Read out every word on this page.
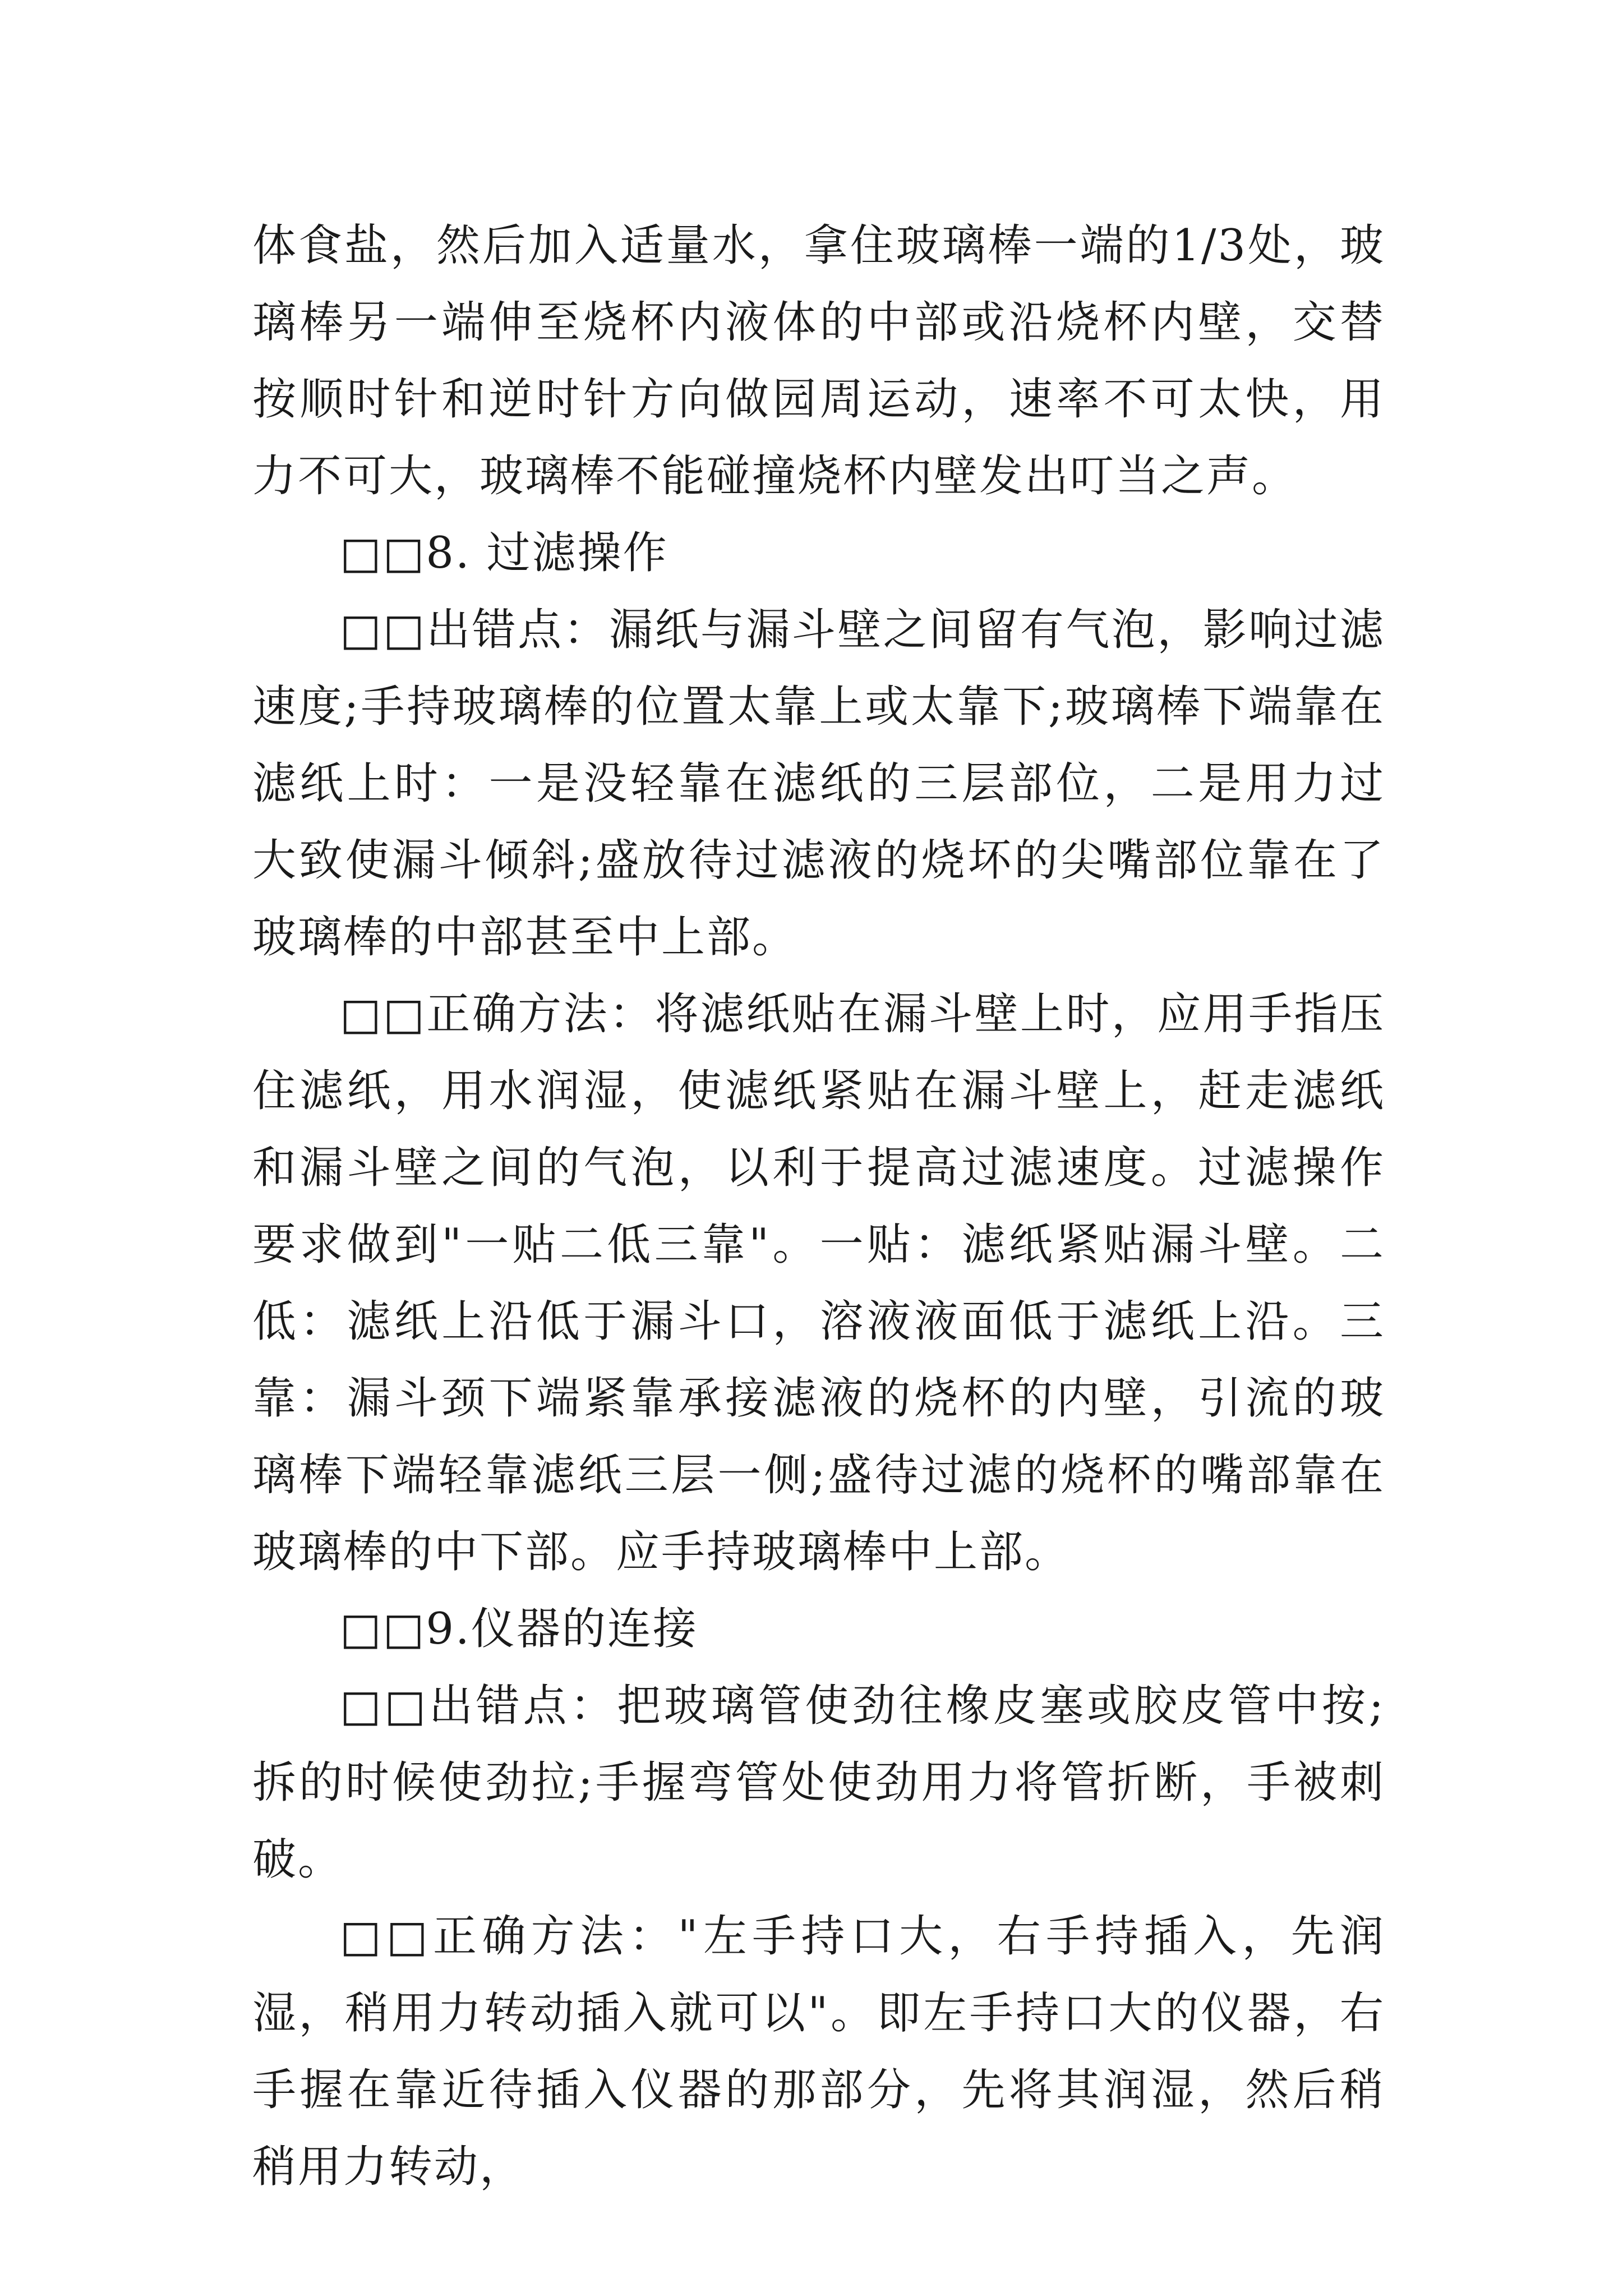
体食盐，然后加入适量水，拿住玻璃棒一端的1/3处，玻璃棒另一端伸至烧杯内液体的中部或沿烧杯内壁，交替按顺时针和逆时针方向做园周运动，速率不可太快，用力不可大，玻璃棒不能碰撞烧杯内壁发出叮当之声。

□□8. 过滤操作

□□出错点：漏纸与漏斗壁之间留有气泡，影响过滤速度;手持玻璃棒的位置太靠上或太靠下;玻璃棒下端靠在滤纸上时：一是没轻靠在滤纸的三层部位，二是用力过大致使漏斗倾斜;盛放待过滤液的烧坏的尖嘴部位靠在了玻璃棒的中部甚至中上部。

□□正确方法：将滤纸贴在漏斗壁上时，应用手指压住滤纸，用水润湿，使滤纸紧贴在漏斗壁上，赶走滤纸和漏斗壁之间的气泡，以利于提高过滤速度。过滤操作要求做到"一贴二低三靠"。一贴：滤纸紧贴漏斗壁。二低：滤纸上沿低于漏斗口，溶液液面低于滤纸上沿。三靠：漏斗颈下端紧靠承接滤液的烧杯的内壁，引流的玻璃棒下端轻靠滤纸三层一侧;盛待过滤的烧杯的嘴部靠在玻璃棒的中下部。应手持玻璃棒中上部。

□□9.仪器的连接

□□出错点：把玻璃管使劲往橡皮塞或胶皮管中按;拆的时候使劲拉;手握弯管处使劲用力将管折断，手被刺破。

□□正确方法："左手持口大，右手持插入，先润湿，稍用力转动插入就可以"。即左手持口大的仪器，右手握在靠近待插入仪器的那部分，先将其润湿，然后稍稍用力转动，
